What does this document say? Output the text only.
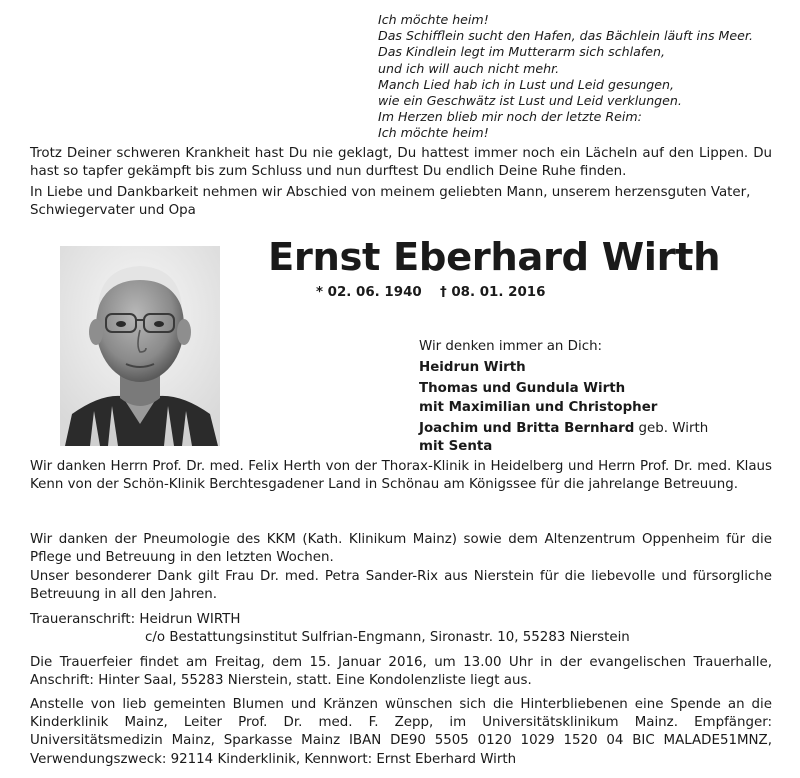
Ich möchte heim!
Das Schifflein sucht den Hafen, das Bächlein läuft ins Meer.
Das Kindlein legt im Mutterarm sich schlafen,
und ich will auch nicht mehr.
Manch Lied hab ich in Lust und Leid gesungen,
wie ein Geschwätz ist Lust und Leid verklungen.
Im Herzen blieb mir noch der letzte Reim:
Ich möchte heim!
Trotz Deiner schweren Krankheit hast Du nie geklagt, Du hattest immer noch ein Lächeln auf den Lippen. Du hast so tapfer gekämpft bis zum Schluss und nun durftest Du endlich Deine Ruhe finden.
In Liebe und Dankbarkeit nehmen wir Abschied von meinem geliebten Mann, unserem herzensguten Vater, Schwiegervater und Opa
Ernst Eberhard Wirth
* 02. 06. 1940 † 08. 01. 2016
Wir denken immer an Dich:
Heidrun Wirth
Thomas und Gundula Wirth
mit Maximilian und Christopher
Joachim und Britta Bernhard geb. Wirth
mit Senta
Wir danken Herrn Prof. Dr. med. Felix Herth von der Thorax-Klinik in Heidelberg und Herrn Prof. Dr. med. Klaus Kenn von der Schön-Klinik Berchtesgadener Land in Schönau am Königssee für die jahrelange Betreuung.
Wir danken der Pneumologie des KKM (Kath. Klinikum Mainz) sowie dem Altenzentrum Oppenheim für die Pflege und Betreuung in den letzten Wochen.
Unser besonderer Dank gilt Frau Dr. med. Petra Sander-Rix aus Nierstein für die liebevolle und fürsorgliche Betreuung in all den Jahren.
Traueranschrift: Heidrun WIRTH
c/o Bestattungsinstitut Sulfrian-Engmann, Sironastr. 10, 55283 Nierstein
Die Trauerfeier findet am Freitag, dem 15. Januar 2016, um 13.00 Uhr in der evangelischen Trauerhalle, Anschrift: Hinter Saal, 55283 Nierstein, statt. Eine Kondolenzliste liegt aus.
Anstelle von lieb gemeinten Blumen und Kränzen wünschen sich die Hinterbliebenen eine Spende an die Kinderklinik Mainz, Leiter Prof. Dr. med. F. Zepp, im Universitätsklinikum Mainz. Empfänger: Universitätsmedizin Mainz, Sparkasse Mainz IBAN DE90 5505 0120 1029 1520 04 BIC MALADE51MNZ, Verwendungszweck: 92114 Kinderklinik, Kennwort: Ernst Eberhard Wirth
